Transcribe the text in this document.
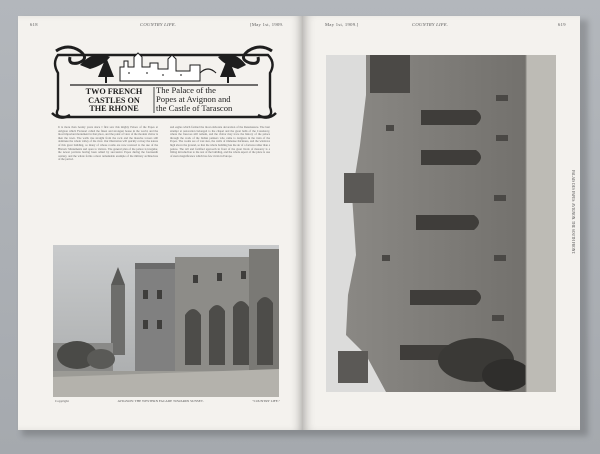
618	COUNTRY LIFE.	[May 1st, 1909.
TWO FRENCH
CASTLES ON
THE RHONE
The Palace of the
Popes at Avignon and
the Castle of Tarascon
It is more than twenty years since I first saw this mighty Palace of the Popes at Avignon which Froissart called the finest and strongest house in the world, and the most important monument in that place, and the point of view of the modern visitor is then the town. The walls rise straight from the rock and the massive towers still dominate the whole valley of the river. Our illustration will quickly convey the nature of this great building, so many of whose rooms are now restored to the use of the Historic Monuments and open to visitors. The general plan of the palace is irregular, the newer portions having been added by successive Popes during the fourteenth century, and the whole forms a most remarkable example of the military architecture of the period.
and eagles which formed the most elaborate decoration of the Renaissance. The best attempt at restoration belonged to the chapel and the great halls of the Consistory, where the frescoes still remain, and the visitor may trace the history of the palace through the work of the Italian painters who came to Avignon in the train of the Popes. The rooms are of vast size, the walls of immense thickness, and the windows high above the ground, so that the whole building has the air of a fortress rather than a palace. The tall and fortified approach in front of the great block of masonry is a fitting introduction to the rest of the building, and the whole aspect of the place is one of stern magnificence which has few rivals in Europe.
Copyright	AVIGNON: THE WESTERN FACADE TOWARDS SUNSET.	"COUNTRY LIFE."
May 1st, 1909.]	COUNTRY LIFE.	619
PALAIS DES PAPES: AVIGNON. THE SOUTH FRONT.
